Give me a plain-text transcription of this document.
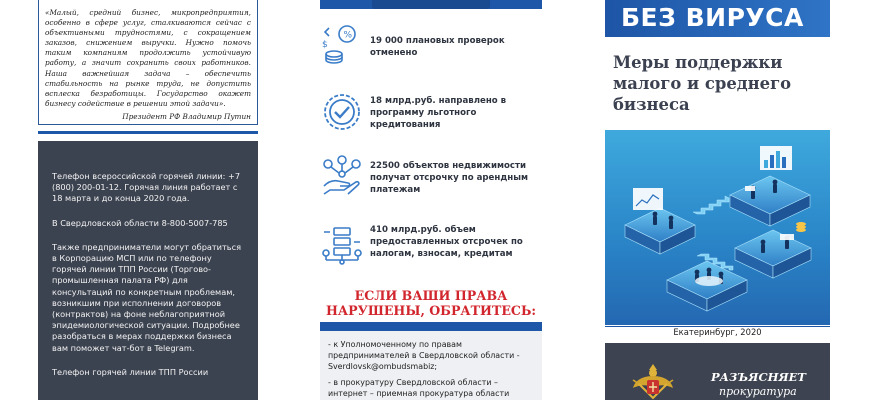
«Малый, средний бизнес, микропредприятия, особенно в сфере услуг, сталкиваются сейчас с объективными трудностями, с сокращением заказов, снижением выручки. Нужно помочь таким компаниям продолжить устойчивую работу, а значит сохранить своих работников. Наша важнейшая задача – обеспечить стабильность на рынке труда, не допустить всплеска безработицы. Государство окажет бизнесу содействие в решении этой задачи».

Президент РФ Владимир Путин

Телефон всероссийской горячей линии: +7 (800) 200-01-12. Горячая линия работает с 18 марта и до конца 2020 года.

В Свердловской области 8-800-5007-785

Также предприниматели могут обратиться в Корпорацию МСП или по телефону горячей линии ТПП России (Торгово-промышленная палата РФ) для консультаций по конкретным проблемам, возникшим при исполнении договоров (контрактов) на фоне неблагоприятной эпидемиологической ситуации. Подробнее разобраться в мерах поддержки бизнеса вам поможет чат-бот в Telegram.

Телефон горячей линии ТПП России

%
$	19 000 плановых проверок отменено
18 млрд.руб. направлено в программу льготного кредитования
22500 объектов недвижимости получат отсрочку по арендным платежам
410 млрд.руб. объем предоставленных отсрочек по налогам, взносам, кредитам
ЕСЛИ ВАШИ ПРАВА НАРУШЕНЫ, ОБРАТИТЕСЬ:

- к Уполномоченному по правам предпринимателей в Свердловской области - Sverdlovsk@ombudsmabiz;

- в прокуратуру Свердловской области – интернет – приемная прокуратура области

БЕЗ ВИРУСА
Меры поддержки малого и среднего бизнеса
Екатеринбург, 2020
РАЗЪЯСНЯЕТ
прокуратура
